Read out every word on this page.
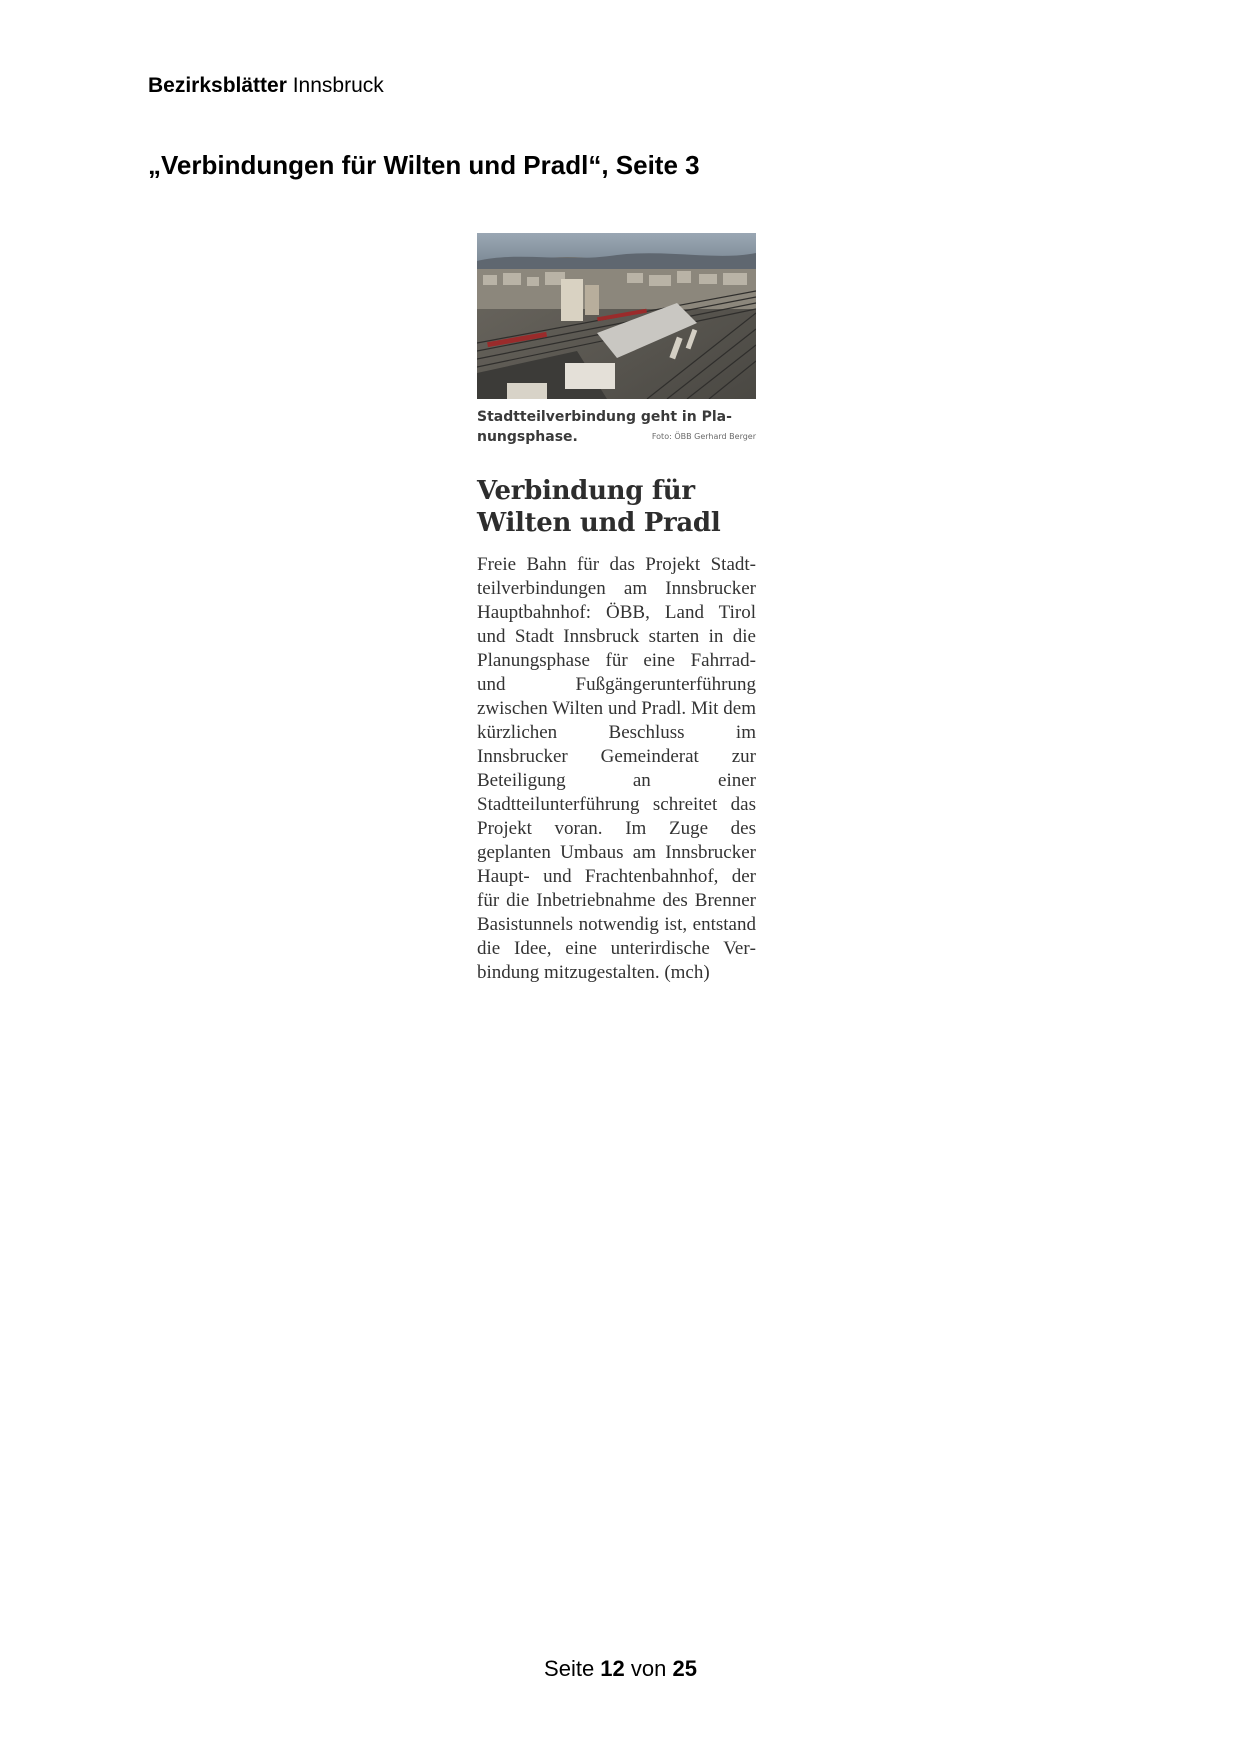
Bezirksblätter Innsbruck
„Verbindungen für Wilten und Pradl“, Seite 3
Stadtteilverbindung geht in Pla-
nungsphase.	Foto: ÖBB Gerhard Berger
Verbindung für
Wilten und Pradl
Freie Bahn für das Projekt Stadtteilverbindungen am Innsbrucker Hauptbahnhof: ÖBB, Land Tirol und Stadt Innsbruck starten in die Planungsphase für eine Fahrrad- und Fußgängerunterführung zwischen Wilten und Pradl. Mit dem kürzlichen Beschluss im Innsbrucker Gemeinderat zur Beteiligung an einer Stadtteilunterführung schreitet das Projekt voran. Im Zuge des geplanten Umbaus am Innsbrucker Haupt- und Frachtenbahnhof, der für die Inbetriebnahme des Brenner Basistunnels notwendig ist, entstand die Idee, eine unterirdische Verbindung mitzugestalten. (mch)
Seite 12 von 25
